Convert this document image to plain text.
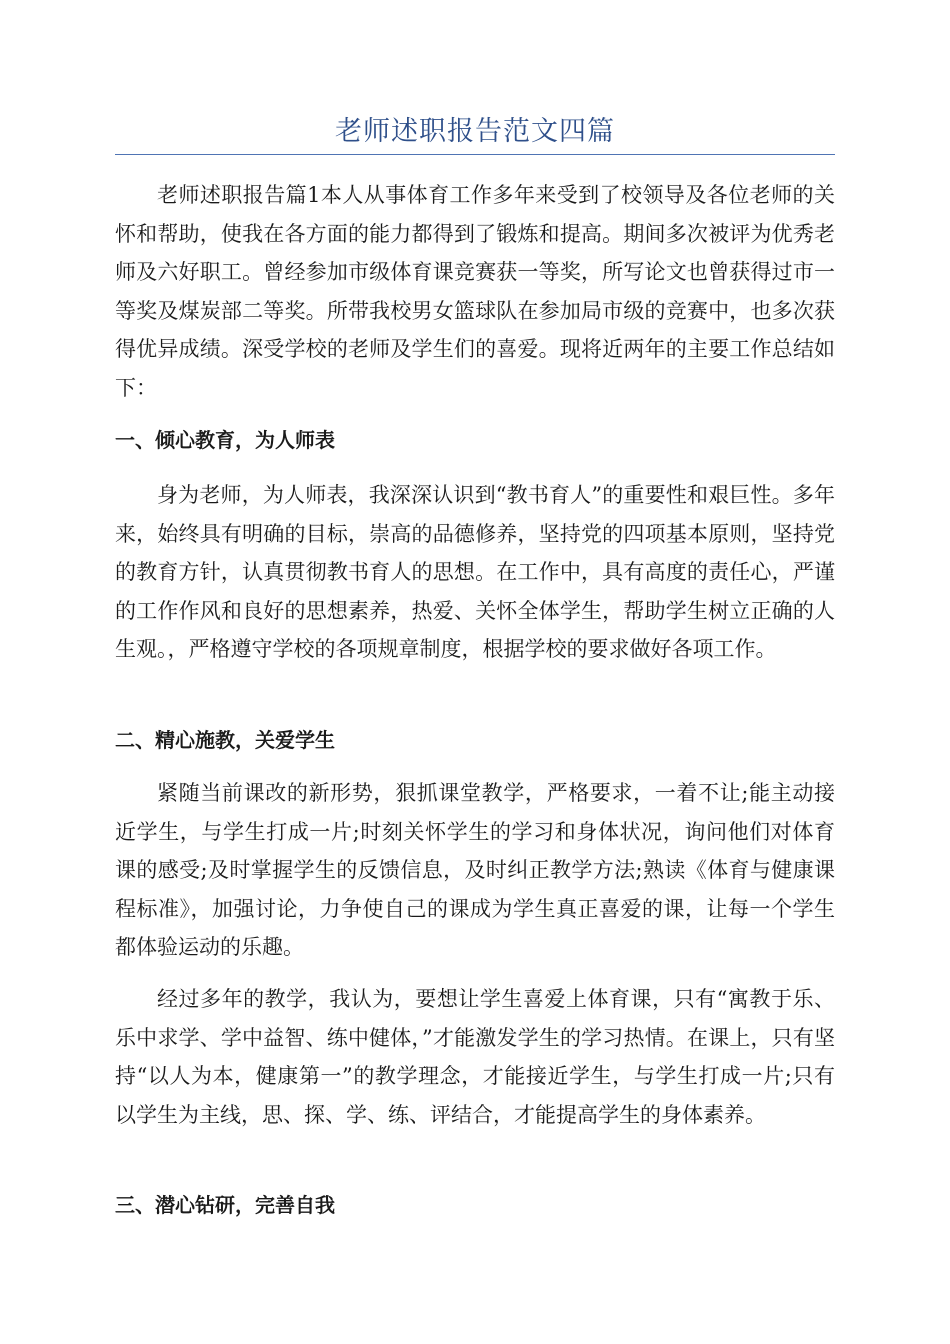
老师述职报告范文四篇

老师述职报告篇1本人从事体育工作多年来受到了校领导及各位老师的关怀和帮助，使我在各方面的能力都得到了锻炼和提高。期间多次被评为优秀老师及六好职工。曾经参加市级体育课竞赛获一等奖，所写论文也曾获得过市一等奖及煤炭部二等奖。所带我校男女篮球队在参加局市级的竞赛中，也多次获得优异成绩。深受学校的老师及学生们的喜爱。现将近两年的主要工作总结如下：

一、倾心教育，为人师表

身为老师，为人师表，我深深认识到“教书育人”的重要性和艰巨性。多年来，始终具有明确的目标，崇高的品德修养，坚持党的四项基本原则，坚持党的教育方针，认真贯彻教书育人的思想。在工作中，具有高度的责任心，严谨的工作作风和良好的思想素养，热爱、关怀全体学生，帮助学生树立正确的人生观。，严格遵守学校的各项规章制度，根据学校的要求做好各项工作。

二、精心施教，关爱学生

紧随当前课改的新形势，狠抓课堂教学，严格要求，一着不让;能主动接近学生，与学生打成一片;时刻关怀学生的学习和身体状况，询问他们对体育课的感受;及时掌握学生的反馈信息，及时纠正教学方法;熟读《体育与健康课程标准》，加强讨论，力争使自己的课成为学生真正喜爱的课，让每一个学生都体验运动的乐趣。

经过多年的教学，我认为，要想让学生喜爱上体育课，只有“寓教于乐、乐中求学、学中益智、练中健体，”才能激发学生的学习热情。在课上，只有坚持“以人为本，健康第一”的教学理念，才能接近学生，与学生打成一片;只有以学生为主线，思、探、学、练、评结合，才能提高学生的身体素养。

三、潜心钻研，完善自我
